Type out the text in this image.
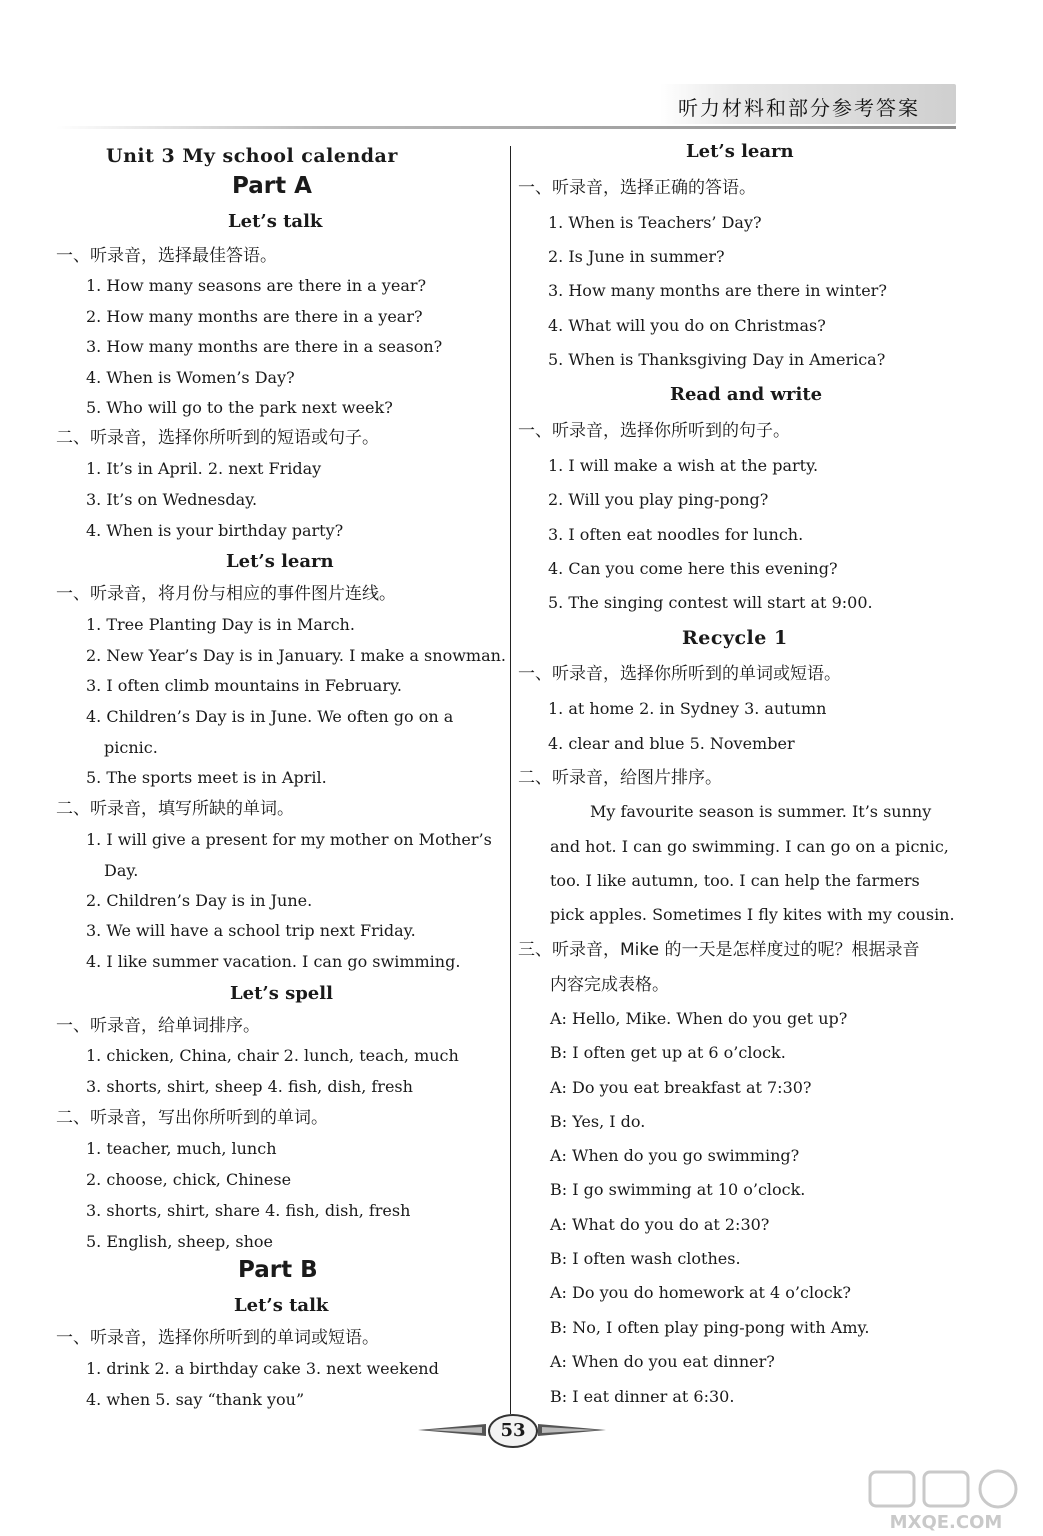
听力材料和部分参考答案
Unit 3 My school calendar
Part A
Let’s talk
一、听录音，选择最佳答语。
1. How many seasons are there in a year?
2. How many months are there in a year?
3. How many months are there in a season?
4. When is Women’s Day?
5. Who will go to the park next week?
二、听录音，选择你所听到的短语或句子。
1. It’s in April. 2. next Friday
3. It’s on Wednesday.
4. When is your birthday party?
Let’s learn
一、听录音，将月份与相应的事件图片连线。
1. Tree Planting Day is in March.
2. New Year’s Day is in January. I make a snowman.
3. I often climb mountains in February.
4. Children’s Day is in June. We often go on a
picnic.
5. The sports meet is in April.
二、听录音，填写所缺的单词。
1. I will give a present for my mother on Mother’s
Day.
2. Children’s Day is in June.
3. We will have a school trip next Friday.
4. I like summer vacation. I can go swimming.
Let’s spell
一、听录音，给单词排序。
1. chicken, China, chair 2. lunch, teach, much
3. shorts, shirt, sheep 4. fish, dish, fresh
二、听录音，写出你所听到的单词。
1. teacher, much, lunch
2. choose, chick, Chinese
3. shorts, shirt, share 4. fish, dish, fresh
5. English, sheep, shoe
Part B
Let’s talk
一、听录音，选择你所听到的单词或短语。
1. drink 2. a birthday cake 3. next weekend
4. when 5. say “thank you”
Let’s learn
一、听录音，选择正确的答语。
1. When is Teachers’ Day?
2. Is June in summer?
3. How many months are there in winter?
4. What will you do on Christmas?
5. When is Thanksgiving Day in America?
Read and write
一、听录音，选择你所听到的句子。
1. I will make a wish at the party.
2. Will you play ping-pong?
3. I often eat noodles for lunch.
4. Can you come here this evening?
5. The singing contest will start at 9:00.
Recycle 1
一、听录音，选择你所听到的单词或短语。
1. at home 2. in Sydney 3. autumn
4. clear and blue 5. November
二、听录音，给图片排序。
My favourite season is summer. It’s sunny
and hot. I can go swimming. I can go on a picnic,
too. I like autumn, too. I can help the farmers
pick apples. Sometimes I fly kites with my cousin.
三、听录音，Mike 的一天是怎样度过的呢？根据录音
内容完成表格。
A: Hello, Mike. When do you get up?
B: I often get up at 6 o’clock.
A: Do you eat breakfast at 7:30?
B: Yes, I do.
A: When do you go swimming?
B: I go swimming at 10 o’clock.
A: What do you do at 2:30?
B: I often wash clothes.
A: Do you do homework at 4 o’clock?
B: No, I often play ping-pong with Amy.
A: When do you eat dinner?
B: I eat dinner at 6:30.
53
MXQE.COM
